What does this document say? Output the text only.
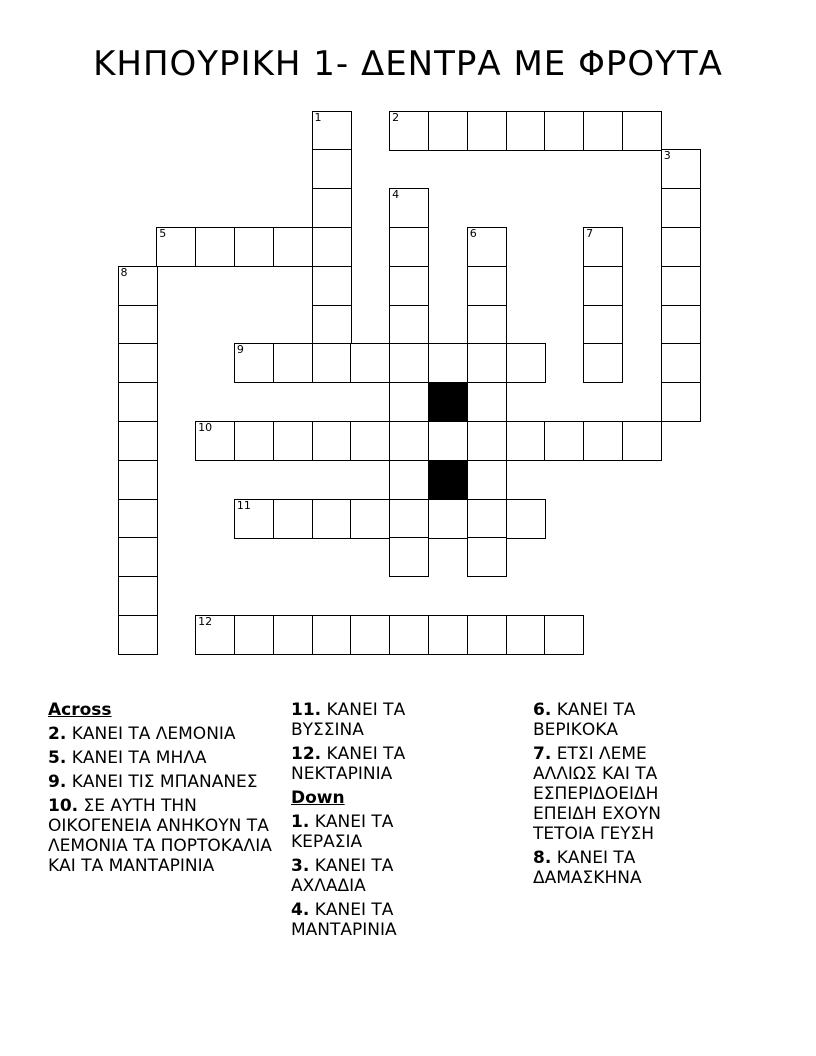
ΚΗΠΟΥΡΙΚΗ 1- ΔΕΝΤΡΑ ΜΕ ΦΡΟΥΤΑ
1	2
3
4
5	6	7
8
9
10
11
12
Across
2. ΚΑΝΕΙ ΤΑ ΛΕΜΟΝΙΑ
5. ΚΑΝΕΙ ΤΑ ΜΗΛΑ
9. ΚΑΝΕΙ ΤΙΣ ΜΠΑΝΑΝΕΣ
10. ΣΕ ΑΥΤΗ ΤΗΝ ΟΙΚΟΓΕΝΕΙΑ ΑΝΗΚΟΥΝ ΤΑ ΛΕΜΟΝΙΑ ΤΑ ΠΟΡΤΟΚΑΛΙΑ ΚΑΙ ΤΑ ΜΑΝΤΑΡΙΝΙΑ
11. ΚΑΝΕΙ ΤΑ ΒΥΣΣΙΝΑ
12. ΚΑΝΕΙ ΤΑ ΝΕΚΤΑΡΙΝΙΑ
Down
1. ΚΑΝΕΙ ΤΑ ΚΕΡΑΣΙΑ
3. ΚΑΝΕΙ ΤΑ ΑΧΛΑΔΙΑ
4. ΚΑΝΕΙ ΤΑ ΜΑΝΤΑΡΙΝΙΑ
6. ΚΑΝΕΙ ΤΑ ΒΕΡΙΚΟΚΑ
7. ΕΤΣΙ ΛΕΜΕ ΑΛΛΙΩΣ ΚΑΙ ΤΑ ΕΣΠΕΡΙΔΟΕΙΔΗ ΕΠΕΙΔΗ ΕΧΟΥΝ ΤΕΤΟΙΑ ΓΕΥΣΗ
8. ΚΑΝΕΙ ΤΑ ΔΑΜΑΣΚΗΝΑ
